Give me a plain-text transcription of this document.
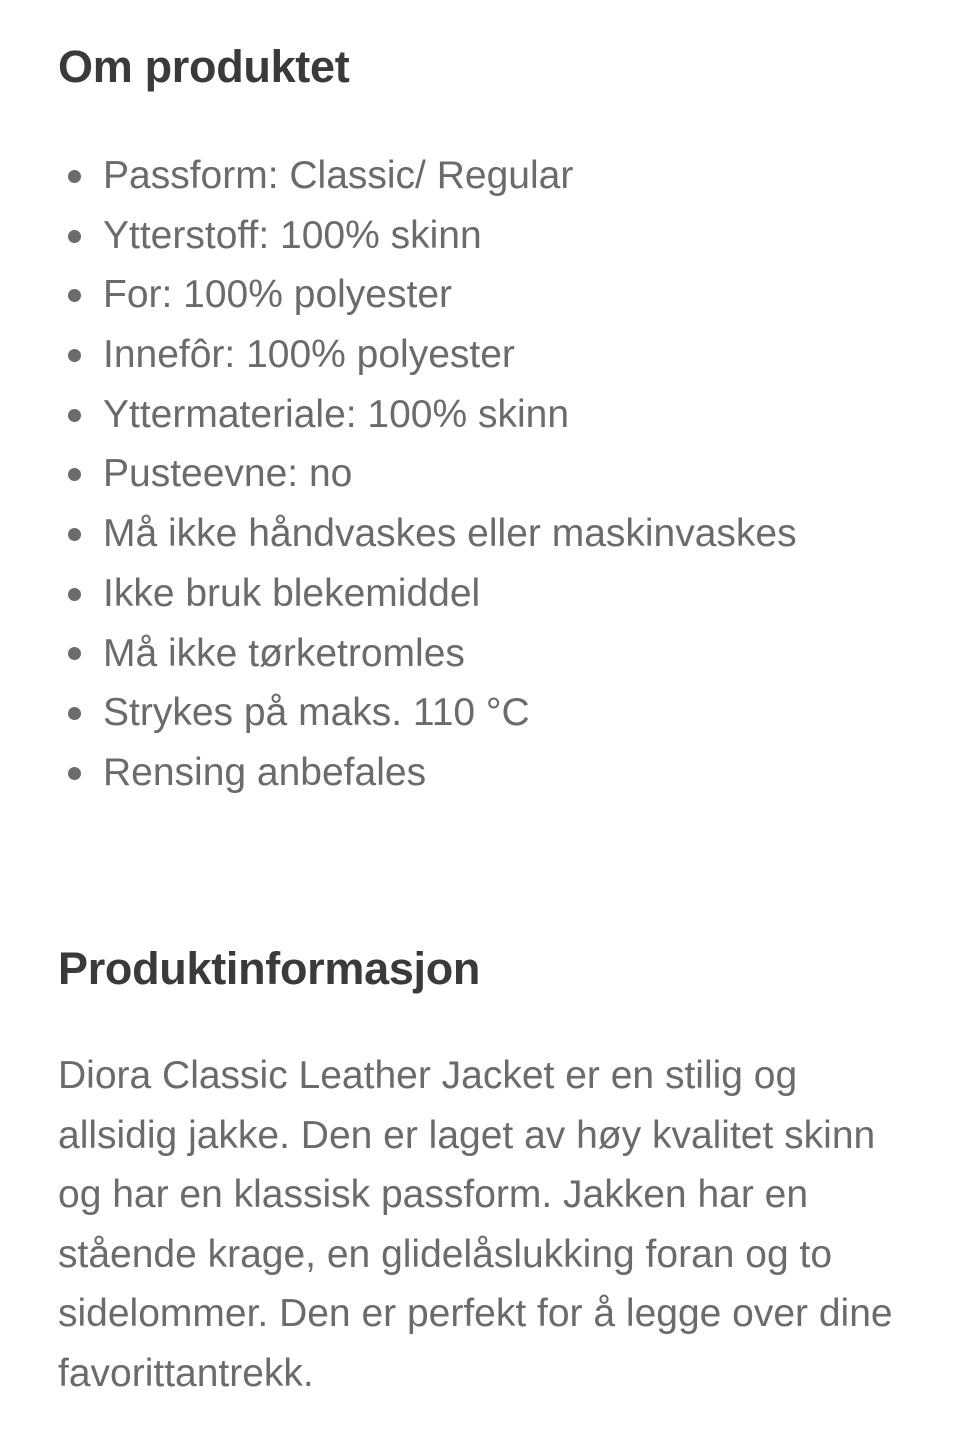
Om produktet
Passform: Classic/ Regular
Ytterstoff: 100% skinn
For: 100% polyester
Innefôr: 100% polyester
Yttermateriale: 100% skinn
Pusteevne: no
Må ikke håndvaskes eller maskinvaskes
Ikke bruk blekemiddel
Må ikke tørketromles
Strykes på maks. 110 °C
Rensing anbefales
Produktinformasjon

Diora Classic Leather Jacket er en stilig og allsidig jakke. Den er laget av høy kvalitet skinn og har en klassisk passform. Jakken har en stående krage, en glidelåslukking foran og to sidelommer. Den er perfekt for å legge over dine favorittantrekk.
